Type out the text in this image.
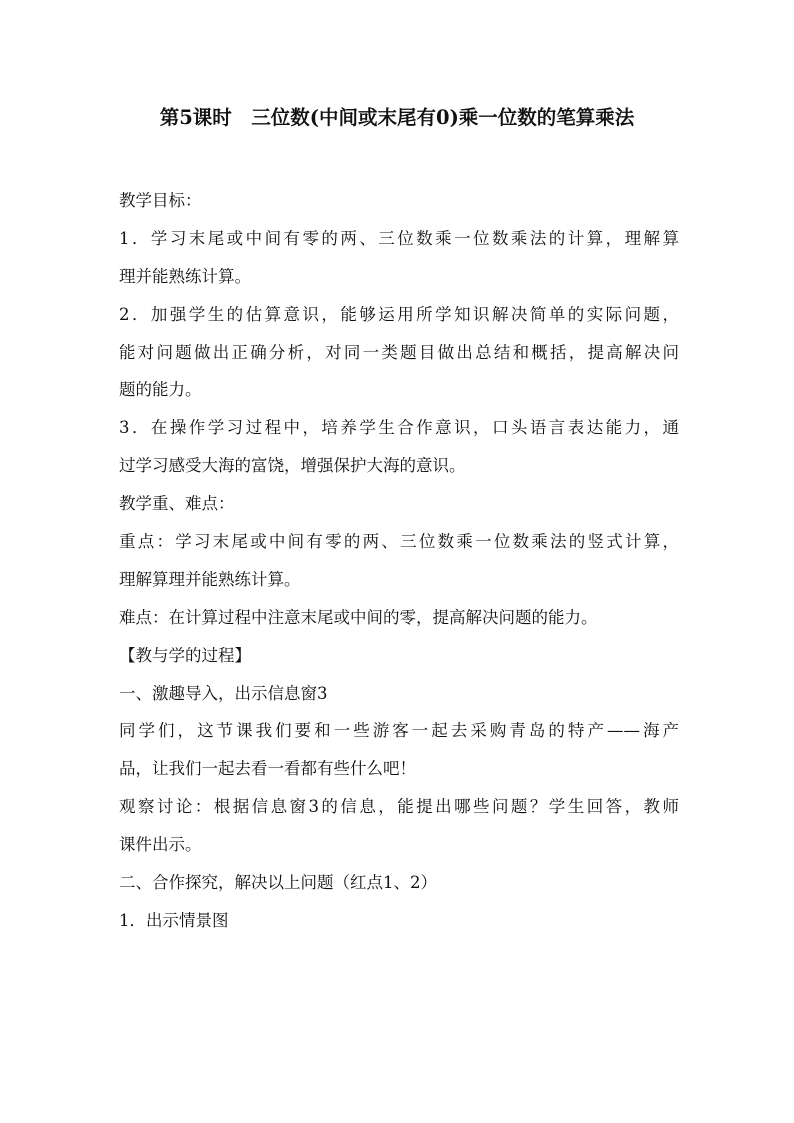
第5课时　三位数(中间或末尾有0)乘一位数的笔算乘法
教学目标：
1．学习末尾或中间有零的两、三位数乘一位数乘法的计算，理解算
理并能熟练计算。
2．加强学生的估算意识，能够运用所学知识解决简单的实际问题，
能对问题做出正确分析，对同一类题目做出总结和概括，提高解决问
题的能力。
3．在操作学习过程中，培养学生合作意识，口头语言表达能力，通
过学习感受大海的富饶，增强保护大海的意识。
教学重、难点：
重点：学习末尾或中间有零的两、三位数乘一位数乘法的竖式计算，
理解算理并能熟练计算。
难点：在计算过程中注意末尾或中间的零，提高解决问题的能力。
【教与学的过程】
一、激趣导入，出示信息窗3
同学们，这节课我们要和一些游客一起去采购青岛的特产——海产
品，让我们一起去看一看都有些什么吧！
观察讨论：根据信息窗3的信息，能提出哪些问题？学生回答，教师
课件出示。
二、合作探究，解决以上问题（红点1、2）
1．出示情景图
